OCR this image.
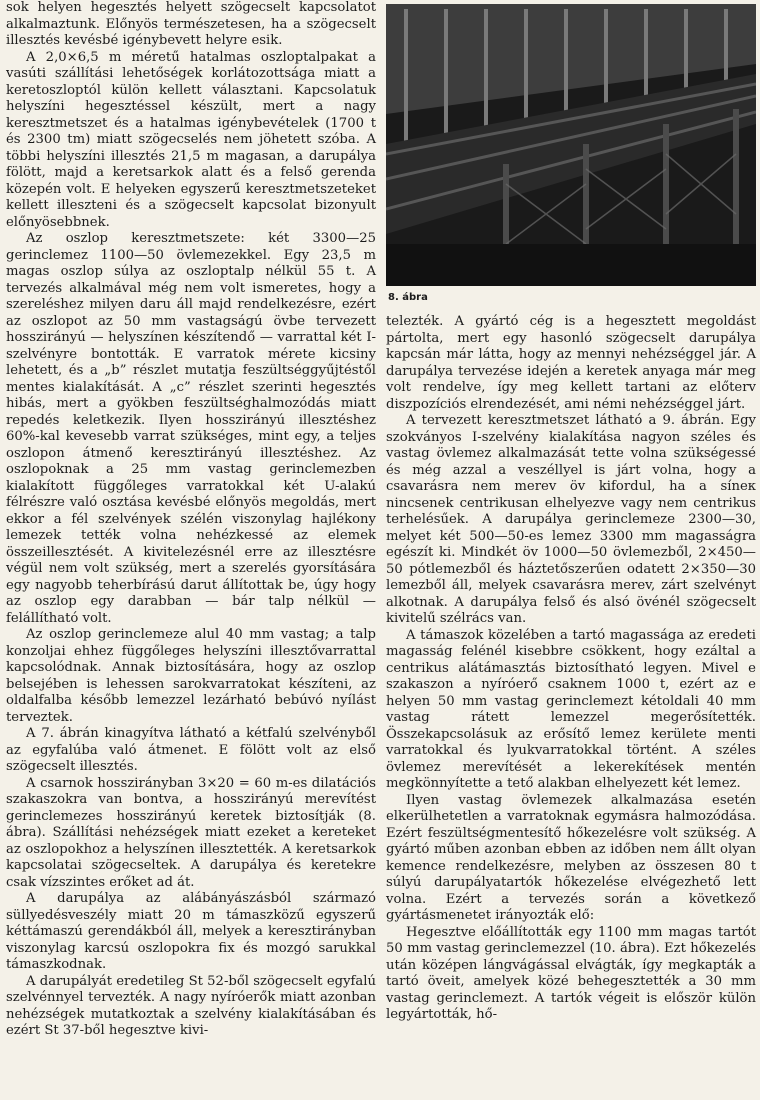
sok helyen hegesztés helyett szögecselt kapcsolatot alkalmaztunk. Előnyös természetesen, ha a szögecselt illesztés kevésbé igénybevett helyre esik.

A 2,0×6,5 m méretű hatalmas oszloptalpakat a vasúti szállítási lehetőségek korlátozottsága miatt a keretoszloptól külön kellett választani. Kapcsolatuk helyszíni hegesztéssel készült, mert a nagy keresztmetszet és a hatalmas igénybevételek (1700 t és 2300 tm) miatt szögecselés nem jöhetett szóba. A többi helyszíni illesztés 21,5 m magasan, a darupálya fölött, majd a keretsarkok alatt és a felső gerenda közepén volt. E helyeken egyszerű keresztmetszeteket kellett illeszteni és a szögecselt kapcsolat bizonyult előnyösebbnek.

Az oszlop keresztmetszete: két 3300—25 gerinclemez 1100—50 övlemezekkel. Egy 23,5 m magas oszlop súlya az oszloptalp nélkül 55 t. A tervezés alkalmával még nem volt ismeretes, hogy a szereléshez milyen daru áll majd rendelkezésre, ezért az oszlopot az 50 mm vastagságú övbe tervezett hosszirányú — helyszínen készítendő — varrattal két I-szelvényre bontották. E varratok mérete kicsiny lehetett, és a „b” részlet mutatja feszültséggyűjtéstől mentes kialakítását. A „c” részlet szerinti hegesztés hibás, mert a gyökben feszültséghalmozódás miatt repedés keletkezik. Ilyen hosszirányú illesztéshez 60%-kal kevesebb varrat szükséges, mint egy, a teljes oszlopon átmenő keresztirányú illesztéshez. Az oszlopoknak a 25 mm vastag gerinclemezben kialakított függőleges varratokkal két U-alakú félrészre való osztása kevésbé előnyös megoldás, mert ekkor a fél szelvények szélén viszonylag hajlékony lemezek tették volna nehézkessé az elemek összeillesztését. A kivitelezésnél erre az illesztésre végül nem volt szükség, mert a szerelés gyorsítására egy nagyobb teherbírású darut állítottak be, úgy hogy az oszlop egy darabban — bár talp nélkül — felállítható volt.

Az oszlop gerinclemeze alul 40 mm vastag; a talp konzoljai ehhez függőleges helyszíni illesztővarrattal kapcsolódnak. Annak biztosítására, hogy az oszlop belsejében is lehessen sarokvarratokat készíteni, az oldalfalba később lemezzel lezárható bebúvó nyílást terveztek.

A 7. ábrán kinagyítva látható a kétfalú szelvényből az egyfalúba való átmenet. E fölött volt az első szögecselt illesztés.

A csarnok hosszirányban 3×20 = 60 m-es dilatációs szakaszokra van bontva, a hosszirányú merevítést gerinclemezes hosszirányú keretek biztosítják (8. ábra). Szállítási nehézségek miatt ezeket a kereteket az oszlopokhoz a helyszínen illesztették. A keretsarkok kapcsolatai szögecseltek. A darupálya és keretekre csak vízszintes erőket ad át.

A darupálya az alábányászásból származó süllyedésveszély miatt 20 m támaszközű egyszerű kéttámaszú gerendákból áll, melyek a keresztirányban viszonylag karcsú oszlopokra fix és mozgó sarukkal támaszkodnak.

A darupályát eredetileg St 52-ből szögecselt egyfalú szelvénnyel tervezték. A nagy nyíróerők miatt azonban nehézségek mutatkoztak a szelvény kialakításában és ezért St 37-ből hegesztve kivi-

8. ábra

telezték. A gyártó cég is a hegesztett megoldást pártolta, mert egy hasonló szögecselt darupálya kapcsán már látta, hogy az mennyi nehézséggel jár. A darupálya tervezése idején a keretek anyaga már meg volt rendelve, így meg kellett tartani az előterv diszpozíciós elrendezését, ami némi nehézséggel járt.

A tervezett keresztmetszet látható a 9. ábrán. Egy szokványos I-szelvény kialakítása nagyon széles és vastag övlemez alkalmazását tette volna szükségessé és még azzal a veszéllyel is járt volna, hogy a csavarásra nem merev öv kifordul, ha a síneк nincsenek centrikusan elhelyezve vagy nem centrikus terhelésűek. A darupálya gerinclemeze 2300—30, melyet két 500—50-es lemez 3300 mm magasságra egészít ki. Mindkét öv 1000—50 övlemezből, 2×450—50 pótlemezből és háztetőszerűen odatett 2×350—30 lemezből áll, melyek csavarásra merev, zárt szelvényt alkotnak. A darupálya felső és alsó övénél szögecselt kivitelű szélrács van.

A támaszok közelében a tartó magassága az eredeti magasság felénél kisebbre csökkent, hogy ezáltal a centrikus alátámasztás biztosítható legyen. Mivel e szakaszon a nyíróerő csaknem 1000 t, ezért az e helyen 50 mm vastag gerinclemezt kétoldali 40 mm vastag rátett lemezzel megerősítették. Összekapcsolásuk az erősítő lemez kerülete menti varratokkal és lyukvarratokkal történt. A széles övlemez merevítését a lekerekítések mentén megkönnyítette a tető alakban elhelyezett két lemez.

Ilyen vastag övlemezek alkalmazása esetén elkerülhetetlen a varratoknak egymásra halmozódása. Ezért feszültségmentesítő hőkezelésre volt szükség. A gyártó műben azonban ebben az időben nem állt olyan kemence rendelkezésre, melyben az összesen 80 t súlyú darupályatartók hőkezelése elvégezhető lett volna. Ezért a tervezés során a következő gyártásmenetet irányozták elő:

Hegesztve előállították egy 1100 mm magas tartót 50 mm vastag gerinclemezzel (10. ábra). Ezt hőkezelés után középen lángvágással elvágták, így megkapták a tartó öveit, amelyek közé behegesztették a 30 mm vastag gerinclemezt. A tartók végeit is először külön legyártották, hő-
